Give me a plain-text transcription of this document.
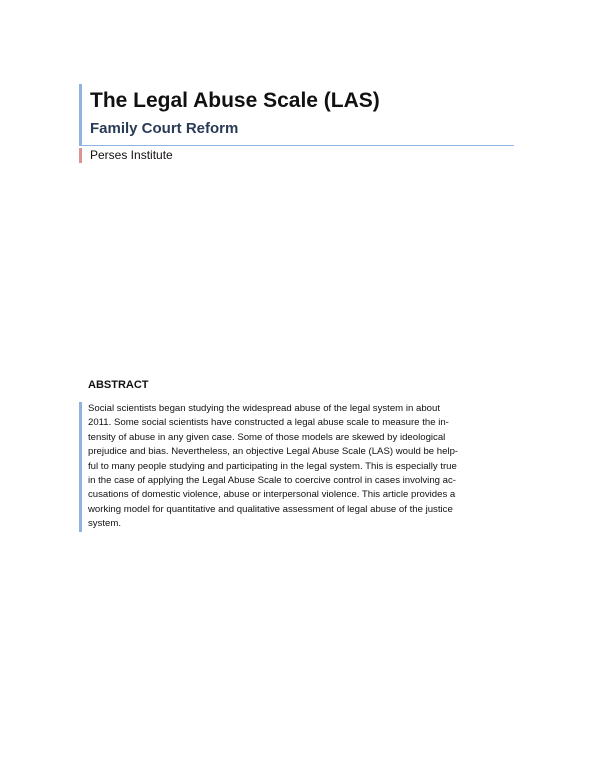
The Legal Abuse Scale (LAS)
Family Court Reform
Perses Institute
ABSTRACT
Social scientists began studying the widespread abuse of the legal system in about
2011. Some social scientists have constructed a legal abuse scale to measure the in-
tensity of abuse in any given case. Some of those models are skewed by ideological
prejudice and bias. Nevertheless, an objective Legal Abuse Scale (LAS) would be help-
ful to many people studying and participating in the legal system. This is especially true
in the case of applying the Legal Abuse Scale to coercive control in cases involving ac-
cusations of domestic violence, abuse or interpersonal violence. This article provides a
working model for quantitative and qualitative assessment of legal abuse of the justice
system.
